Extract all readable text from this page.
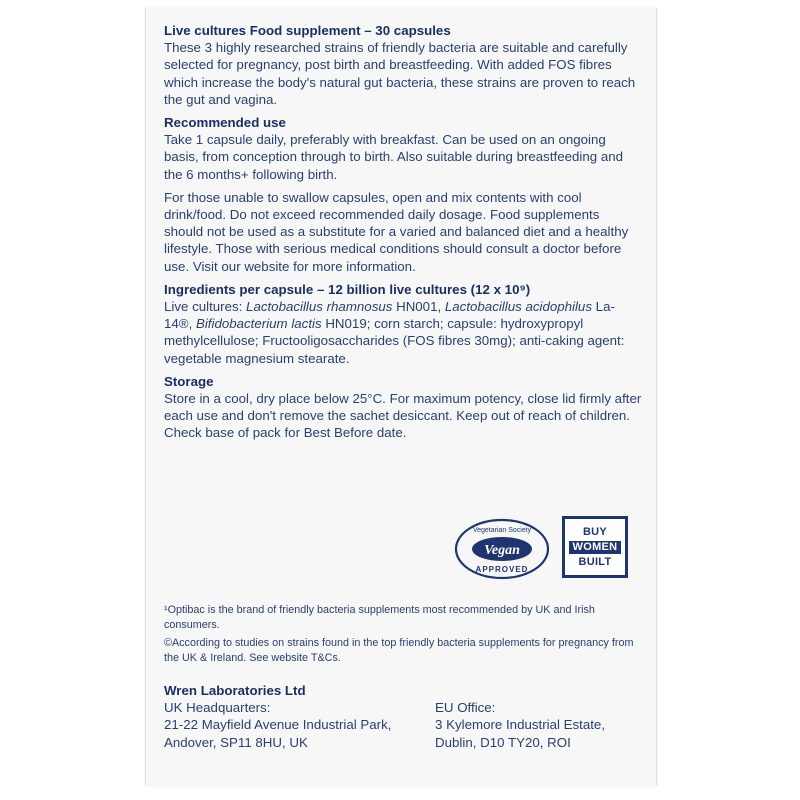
Live cultures Food supplement – 30 capsules

These 3 highly researched strains of friendly bacteria are suitable and carefully selected for pregnancy, post birth and breastfeeding. With added FOS fibres which increase the body's natural gut bacteria, these strains are proven to reach the gut and vagina.

Recommended use

Take 1 capsule daily, preferably with breakfast. Can be used on an ongoing basis, from conception through to birth. Also suitable during breastfeeding and the 6 months+ following birth.

For those unable to swallow capsules, open and mix contents with cool drink/food. Do not exceed recommended daily dosage. Food supplements should not be used as a substitute for a varied and balanced diet and a healthy lifestyle. Those with serious medical conditions should consult a doctor before use. Visit our website for more information.

Ingredients per capsule – 12 billion live cultures (12 x 10⁹)

Live cultures: Lactobacillus rhamnosus HN001, Lactobacillus acidophilus La-14®, Bifidobacterium lactis HN019; corn starch; capsule: hydroxypropyl methylcellulose; Fructooligosaccharides (FOS fibres 30mg); anti-caking agent: vegetable magnesium stearate.

Storage

Store in a cool, dry place below 25°C. For maximum potency, close lid firmly after each use and don't remove the sachet desiccant. Keep out of reach of children. Check base of pack for Best Before date.

Vegetarian Society
Vegan
APPROVED
BUY
WOMEN
BUILT

¹Optibac is the brand of friendly bacteria supplements most recommended by UK and Irish consumers.

©According to studies on strains found in the top friendly bacteria supplements for pregnancy from the UK & Ireland. See website T&Cs.

Wren Laboratories Ltd
UK Headquarters:
21-22 Mayfield Avenue Industrial Park,
Andover, SP11 8HU, UK
EU Office:
3 Kylemore Industrial Estate,
Dublin, D10 TY20, ROI
